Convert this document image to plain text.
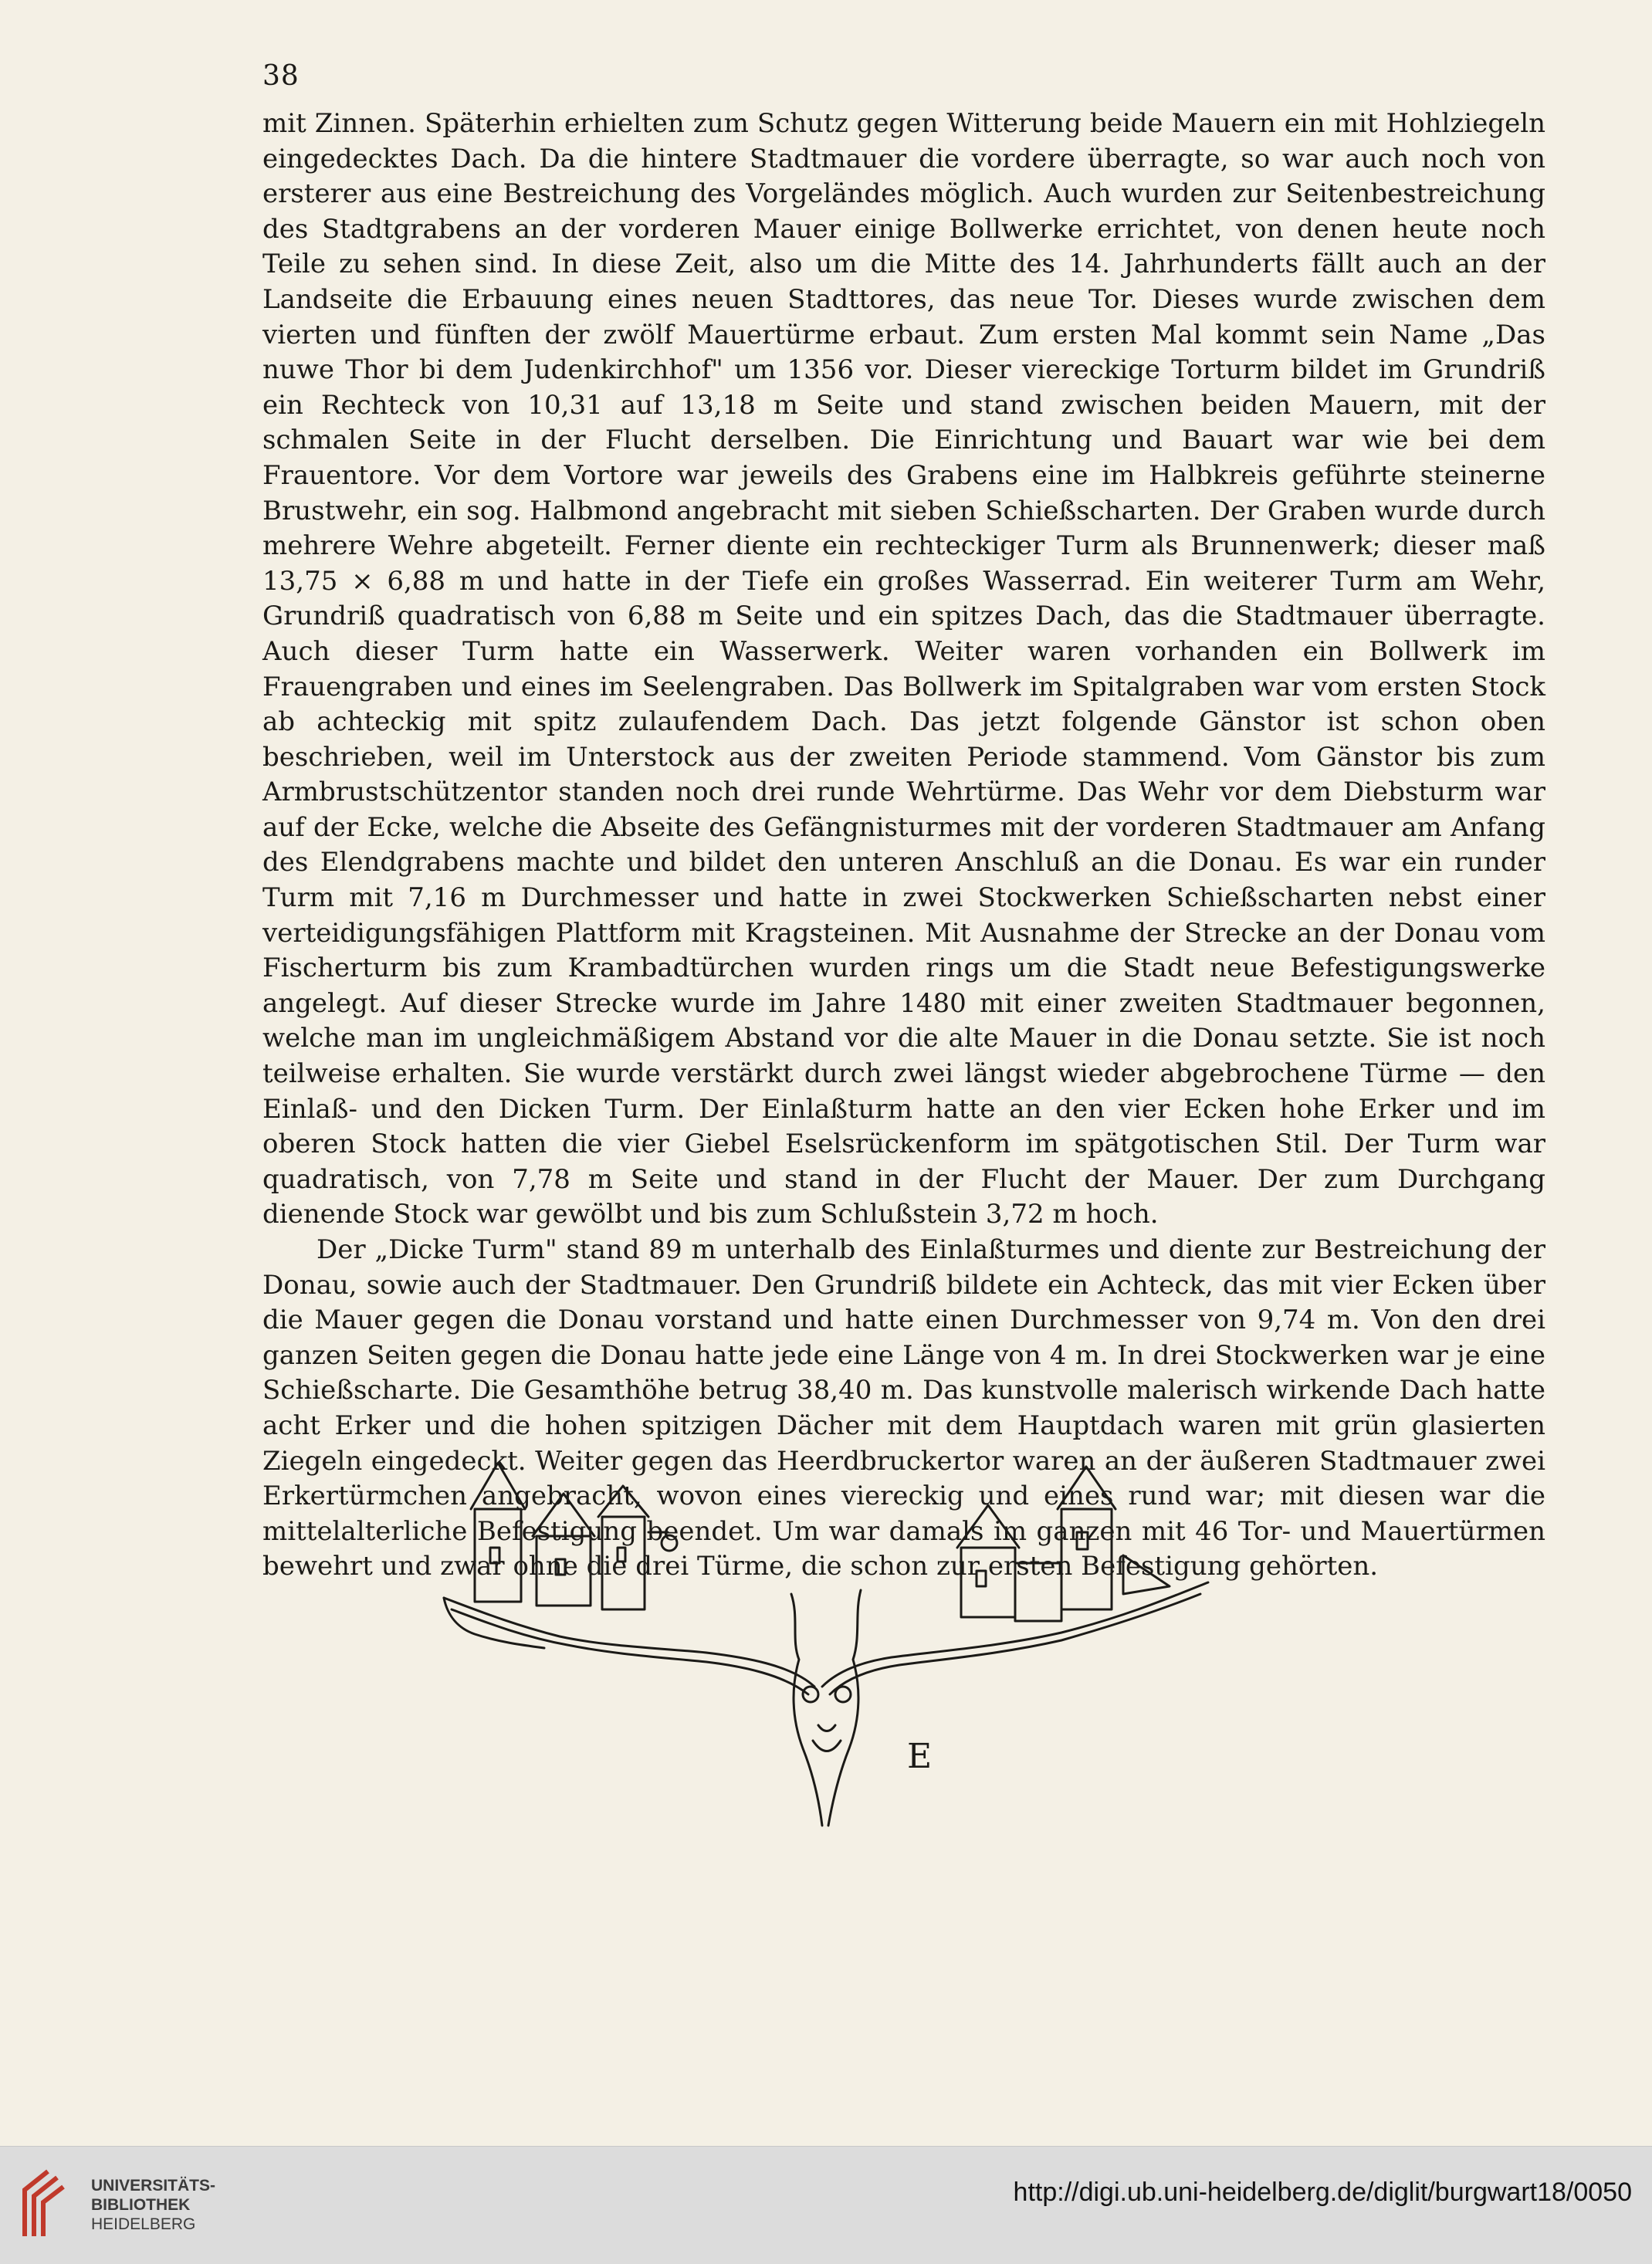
38
mit Zinnen. Späterhin erhielten zum Schutz gegen Witterung beide Mauern ein mit Hohlziegeln eingedecktes Dach. Da die hintere Stadtmauer die vordere überragte, so war auch noch von ersterer aus eine Bestreichung des Vorgeländes möglich. Auch wurden zur Seitenbestreichung des Stadtgrabens an der vorderen Mauer einige Bollwerke errichtet, von denen heute noch Teile zu sehen sind. In diese Zeit, also um die Mitte des 14. Jahrhunderts fällt auch an der Landseite die Erbauung eines neuen Stadttores, das neue Tor. Dieses wurde zwischen dem vierten und fünften der zwölf Mauertürme erbaut. Zum ersten Mal kommt sein Name „Das nuwe Thor bi dem Judenkirchhof" um 1356 vor. Dieser viereckige Torturm bildet im Grundriß ein Rechteck von 10,31 auf 13,18 m Seite und stand zwischen beiden Mauern, mit der schmalen Seite in der Flucht derselben. Die Einrichtung und Bauart war wie bei dem Frauentore. Vor dem Vortore war jeweils des Grabens eine im Halbkreis geführte steinerne Brustwehr, ein sog. Halbmond angebracht mit sieben Schießscharten. Der Graben wurde durch mehrere Wehre abgeteilt. Ferner diente ein rechteckiger Turm als Brunnenwerk; dieser maß 13,75 × 6,88 m und hatte in der Tiefe ein großes Wasserrad. Ein weiterer Turm am Wehr, Grundriß quadratisch von 6,88 m Seite und ein spitzes Dach, das die Stadtmauer überragte. Auch dieser Turm hatte ein Wasserwerk. Weiter waren vorhanden ein Bollwerk im Frauengraben und eines im Seelengraben. Das Bollwerk im Spitalgraben war vom ersten Stock ab achteckig mit spitz zulaufendem Dach. Das jetzt folgende Gänstor ist schon oben beschrieben, weil im Unterstock aus der zweiten Periode stammend. Vom Gänstor bis zum Armbrustschützentor standen noch drei runde Wehrtürme. Das Wehr vor dem Diebsturm war auf der Ecke, welche die Abseite des Gefängnisturmes mit der vorderen Stadtmauer am Anfang des Elendgrabens machte und bildet den unteren Anschluß an die Donau. Es war ein runder Turm mit 7,16 m Durchmesser und hatte in zwei Stockwerken Schießscharten nebst einer verteidigungsfähigen Plattform mit Kragsteinen. Mit Ausnahme der Strecke an der Donau vom Fischerturm bis zum Krambadtürchen wurden rings um die Stadt neue Befestigungswerke angelegt. Auf dieser Strecke wurde im Jahre 1480 mit einer zweiten Stadtmauer begonnen, welche man im ungleichmäßigem Abstand vor die alte Mauer in die Donau setzte. Sie ist noch teilweise erhalten. Sie wurde verstärkt durch zwei längst wieder abgebrochene Türme — den Einlaß- und den Dicken Turm. Der Einlaßturm hatte an den vier Ecken hohe Erker und im oberen Stock hatten die vier Giebel Eselsrückenform im spätgotischen Stil. Der Turm war quadratisch, von 7,78 m Seite und stand in der Flucht der Mauer. Der zum Durchgang dienende Stock war gewölbt und bis zum Schlußstein 3,72 m hoch.
Der „Dicke Turm" stand 89 m unterhalb des Einlaßturmes und diente zur Bestreichung der Donau, sowie auch der Stadtmauer. Den Grundriß bildete ein Achteck, das mit vier Ecken über die Mauer gegen die Donau vorstand und hatte einen Durchmesser von 9,74 m. Von den drei ganzen Seiten gegen die Donau hatte jede eine Länge von 4 m. In drei Stockwerken war je eine Schießscharte. Die Gesamthöhe betrug 38,40 m. Das kunstvolle malerisch wirkende Dach hatte acht Erker und die hohen spitzigen Dächer mit dem Hauptdach waren mit grün glasierten Ziegeln eingedeckt. Weiter gegen das Heerdbruckertor waren an der äußeren Stadtmauer zwei Erkertürmchen angebracht, wovon eines viereckig und eines rund war; mit diesen war die mittelalterliche Befestigung beendet. Um war damals im ganzen mit 46 Tor- und Mauertürmen bewehrt und zwar ohne die drei Türme, die schon zur ersten Befestigung gehörten.
E
UNIVERSITÄTS-
BIBLIOTHEK
HEIDELBERG
http://digi.ub.uni-heidelberg.de/diglit/burgwart18/0050
